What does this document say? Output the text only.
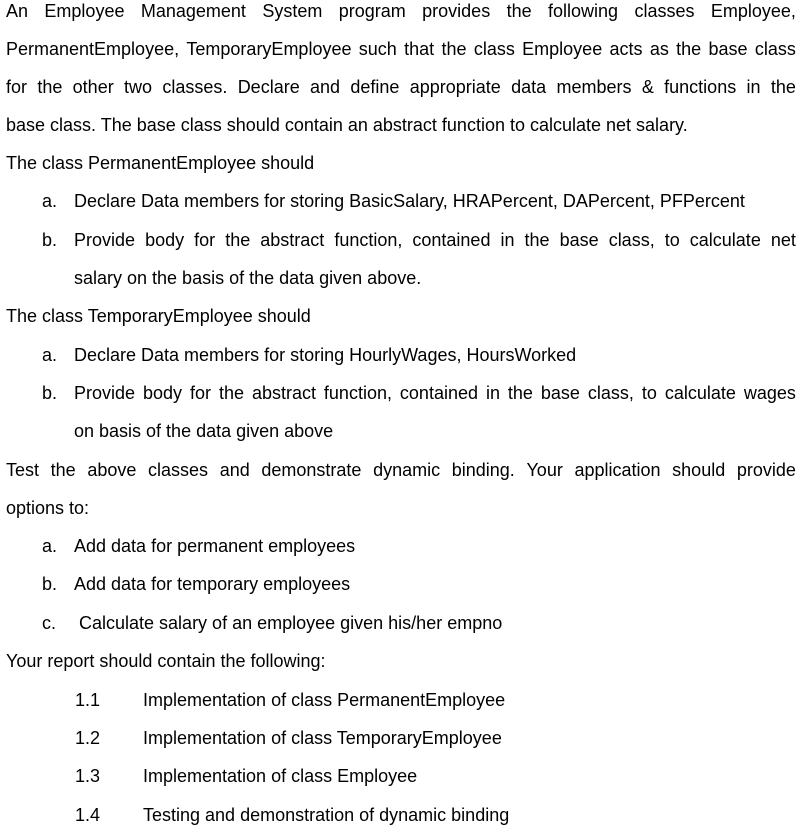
An Employee Management System program provides the following classes Employee,
PermanentEmployee, TemporaryEmployee such that the class Employee acts as the base class
for the other two classes. Declare and define appropriate data members & functions in the
base class. The base class should contain an abstract function to calculate net salary.
The class PermanentEmployee should
a. Declare Data members for storing BasicSalary, HRAPercent, DAPercent, PFPercent
b. Provide body for the abstract function, contained in the base class, to calculate net
salary on the basis of the data given above.
The class TemporaryEmployee should
a. Declare Data members for storing HourlyWages, HoursWorked
b. Provide body for the abstract function, contained in the base class, to calculate wages
on basis of the data given above
Test the above classes and demonstrate dynamic binding. Your application should provide
options to:
a. Add data for permanent employees
b. Add data for temporary employees
c. Calculate salary of an employee given his/her empno
Your report should contain the following:
1.1 Implementation of class PermanentEmployee
1.2 Implementation of class TemporaryEmployee
1.3 Implementation of class Employee
1.4 Testing and demonstration of dynamic binding
